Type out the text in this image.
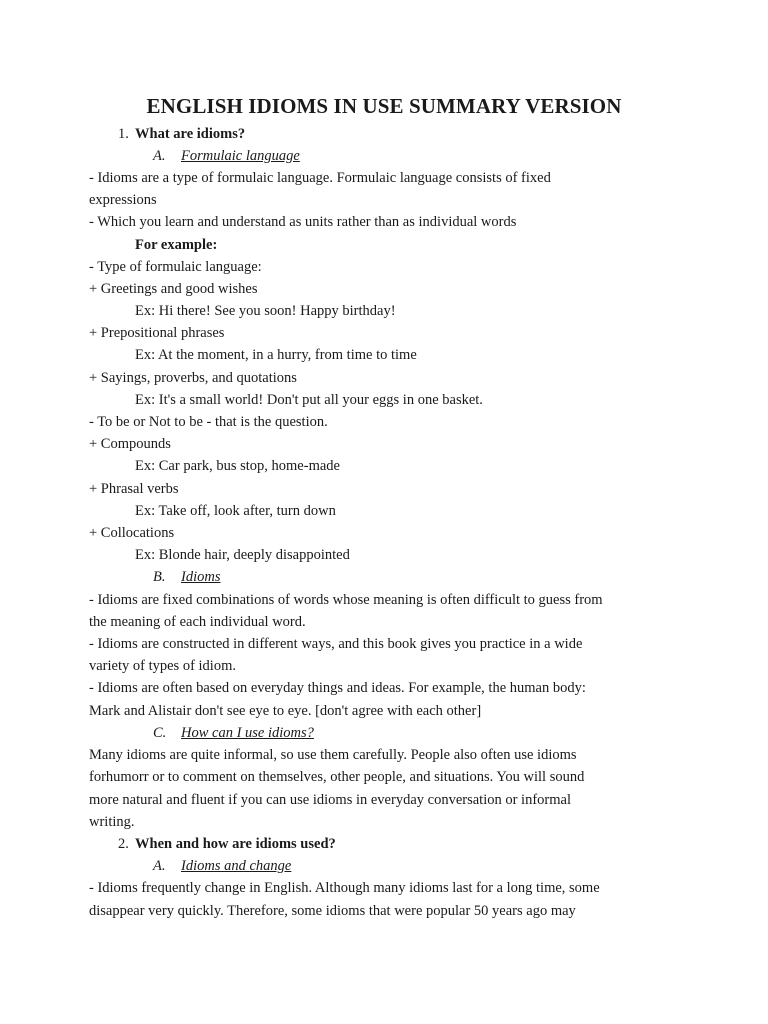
ENGLISH IDIOMS IN USE SUMMARY VERSION
1. What are idioms?
A. Formulaic language
- Idioms are a type of formulaic language. Formulaic language consists of fixed
expressions
- Which you learn and understand as units rather than as individual words
For example:
- Type of formulaic language:
+ Greetings and good wishes
Ex: Hi there! See you soon! Happy birthday!
+ Prepositional phrases
Ex: At the moment, in a hurry, from time to time
+ Sayings, proverbs, and quotations
Ex: It's a small world! Don't put all your eggs in one basket.
- To be or Not to be - that is the question.
+ Compounds
Ex: Car park, bus stop, home-made
+ Phrasal verbs
Ex: Take off, look after, turn down
+ Collocations
Ex: Blonde hair, deeply disappointed
B. Idioms
- Idioms are fixed combinations of words whose meaning is often difficult to guess from
the meaning of each individual word.
- Idioms are constructed in different ways, and this book gives you practice in a wide
variety of types of idiom.
- Idioms are often based on everyday things and ideas. For example, the human body:
Mark and Alistair don't see eye to eye. [don't agree with each other]
C. How can I use idioms?
Many idioms are quite informal, so use them carefully. People also often use idioms
forhumorr or to comment on themselves, other people, and situations. You will sound
more natural and fluent if you can use idioms in everyday conversation or informal
writing.
2. When and how are idioms used?
A. Idioms and change
- Idioms frequently change in English. Although many idioms last for a long time, some
disappear very quickly. Therefore, some idioms that were popular 50 years ago may
